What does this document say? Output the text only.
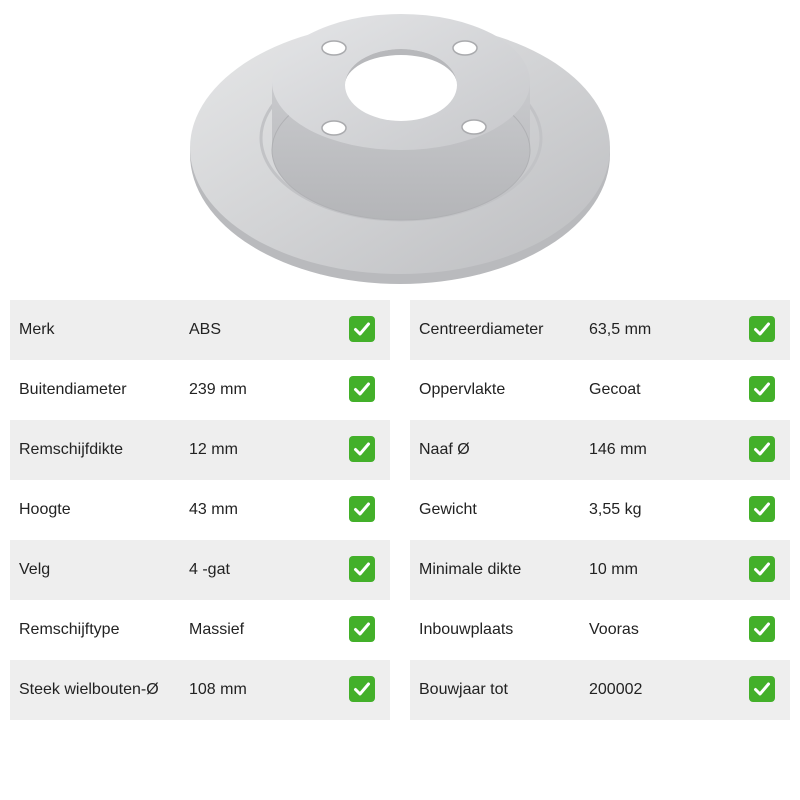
Merk	ABS
Buitendiameter	239 mm
Remschijfdikte	12 mm
Hoogte	43 mm
Velg	4 -gat
Remschijftype	Massief
Steek wielbouten-Ø 108 mm
Centreerdiameter	63,5 mm
Oppervlakte	Gecoat
Naaf Ø	146 mm
Gewicht	3,55 kg
Minimale dikte	10 mm
Inbouwplaats	Vooras
Bouwjaar tot	200002
